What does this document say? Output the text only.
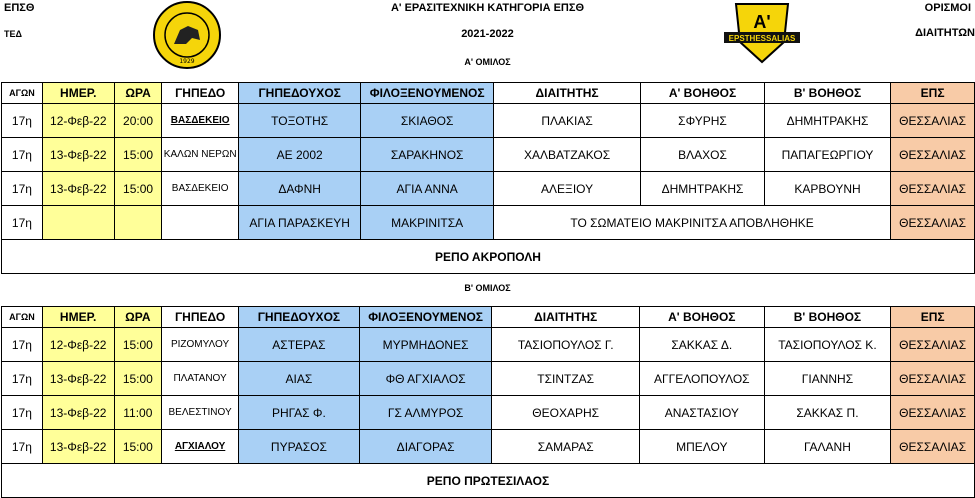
ΕΠΣΘ
ΤΕΔ
1929
Α' ΕΡΑΣΙΤΕΧΝΙΚΗ ΚΑΤΗΓΟΡΙΑ ΕΠΣΘ
2021-2022
Α'
EPSTHESSALIAS
ΟΡΙΣΜΟΙ
ΔΙΑΙΤΗΤΩΝ
Α' ΟΜΙΛΟΣ
ΑΓΩΝ	ΗΜΕΡ.	ΩΡΑ	ΓΗΠΕΔΟ	ΓΗΠΕΔΟΥΧΟΣ	ΦΙΛΟΞΕΝΟΥΜΕΝΟΣ	ΔΙΑΙΤΗΤΗΣ	Α' ΒΟΗΘΟΣ	Β' ΒΟΗΘΟΣ	ΕΠΣ
17η	12-Φεβ-22	20:00	ΒΑΣΔΕΚΕΙΟ	ΤΟΞΟΤΗΣ	ΣΚΙΑΘΟΣ	ΠΛΑΚΙΑΣ	ΣΦΥΡΗΣ	ΔΗΜΗΤΡΑΚΗΣ	ΘΕΣΣΑΛΙΑΣ
17η	13-Φεβ-22	15:00	ΚΑΛΩΝ ΝΕΡΩΝ	ΑΕ 2002	ΣΑΡΑΚΗΝΟΣ	ΧΑΛΒΑΤΖΑΚΟΣ	ΒΛΑΧΟΣ	ΠΑΠΑΓΕΩΡΓΙΟΥ	ΘΕΣΣΑΛΙΑΣ
17η	13-Φεβ-22	15:00	ΒΑΣΔΕΚΕΙΟ	ΔΑΦΝΗ	ΑΓΙΑ ΑΝΝΑ	ΑΛΕΞΙΟΥ	ΔΗΜΗΤΡΑΚΗΣ	ΚΑΡΒΟΥΝΗ	ΘΕΣΣΑΛΙΑΣ
17η				ΑΓΙΑ ΠΑΡΑΣΚΕΥΗ	ΜΑΚΡΙΝΙΤΣΑ	ΤΟ ΣΩΜΑΤΕΙΟ ΜΑΚΡΙΝΙΤΣΑ ΑΠΟΒΛΗΘΗΚΕ			ΘΕΣΣΑΛΙΑΣ
ΡΕΠΟ ΑΚΡΟΠΟΛΗ									
Β' ΟΜΙΛΟΣ
ΑΓΩΝ	ΗΜΕΡ.	ΩΡΑ	ΓΗΠΕΔΟ	ΓΗΠΕΔΟΥΧΟΣ	ΦΙΛΟΞΕΝΟΥΜΕΝΟΣ	ΔΙΑΙΤΗΤΗΣ	Α' ΒΟΗΘΟΣ	Β' ΒΟΗΘΟΣ	ΕΠΣ
17η	12-Φεβ-22	15:00	ΡΙΖΟΜΥΛΟΥ	ΑΣΤΕΡΑΣ	ΜΥΡΜΗΔΟΝΕΣ	ΤΑΣΙΟΠΟΥΛΟΣ Γ.	ΣΑΚΚΑΣ Δ.	ΤΑΣΙΟΠΟΥΛΟΣ Κ.	ΘΕΣΣΑΛΙΑΣ
17η	13-Φεβ-22	15:00	ΠΛΑΤΑΝΟΥ	ΑΙΑΣ	ΦΘ ΑΓΧΙΑΛΟΣ	ΤΣΙΝΤΖΑΣ	ΑΓΓΕΛΟΠΟΥΛΟΣ	ΓΙΑΝΝΗΣ	ΘΕΣΣΑΛΙΑΣ
17η	13-Φεβ-22	11:00	ΒΕΛΕΣΤΙΝΟΥ	ΡΗΓΑΣ Φ.	ΓΣ ΑΛΜΥΡΟΣ	ΘΕΟΧΑΡΗΣ	ΑΝΑΣΤΑΣΙΟΥ	ΣΑΚΚΑΣ Π.	ΘΕΣΣΑΛΙΑΣ
17η	13-Φεβ-22	15:00	ΑΓΧΙΑΛΟΥ	ΠΥΡΑΣΟΣ	ΔΙΑΓΟΡΑΣ	ΣΑΜΑΡΑΣ	ΜΠΕΛΟΥ	ΓΑΛΑΝΗ	ΘΕΣΣΑΛΙΑΣ
ΡΕΠΟ ΠΡΩΤΕΣΙΛΑΟΣ									
